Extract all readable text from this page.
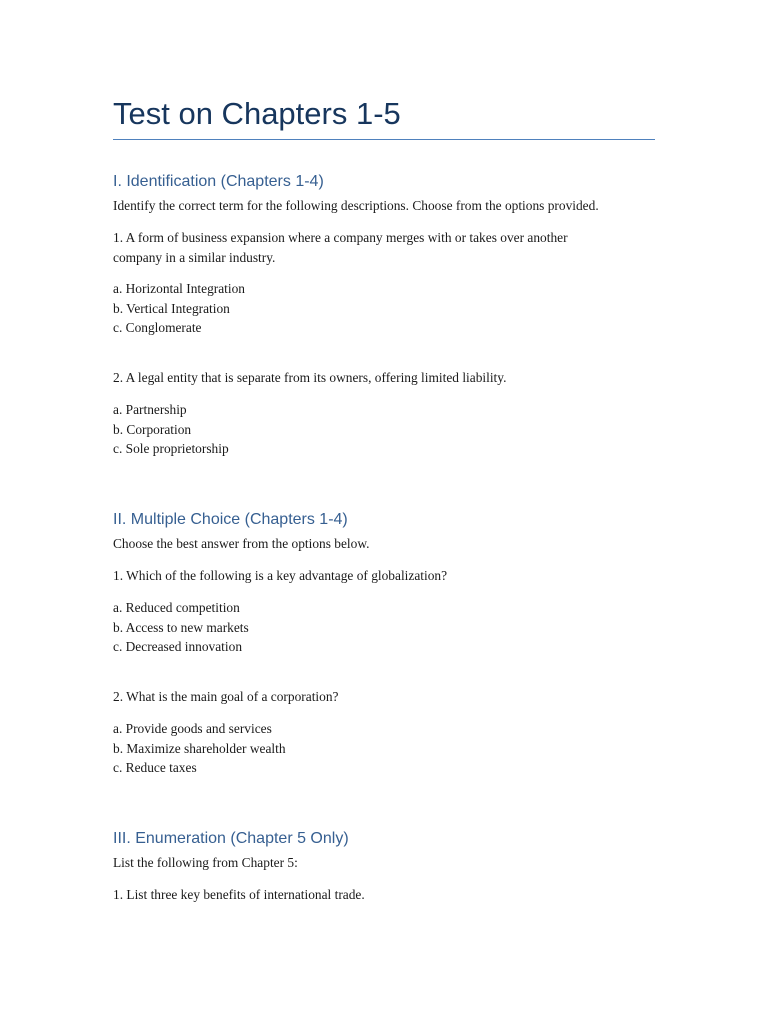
Test on Chapters 1-5
I. Identification (Chapters 1-4)

Identify the correct term for the following descriptions. Choose from the options provided.

1. A form of business expansion where a company merges with or takes over another
company in a similar industry.
a. Horizontal Integration
b. Vertical Integration
c. Conglomerate

2. A legal entity that is separate from its owners, offering limited liability.

a. Partnership
b. Corporation
c. Sole proprietorship
II. Multiple Choice (Chapters 1-4)

Choose the best answer from the options below.

1. Which of the following is a key advantage of globalization?

a. Reduced competition
b. Access to new markets
c. Decreased innovation

2. What is the main goal of a corporation?

a. Provide goods and services
b. Maximize shareholder wealth
c. Reduce taxes
III. Enumeration (Chapter 5 Only)

List the following from Chapter 5:

1. List three key benefits of international trade.
